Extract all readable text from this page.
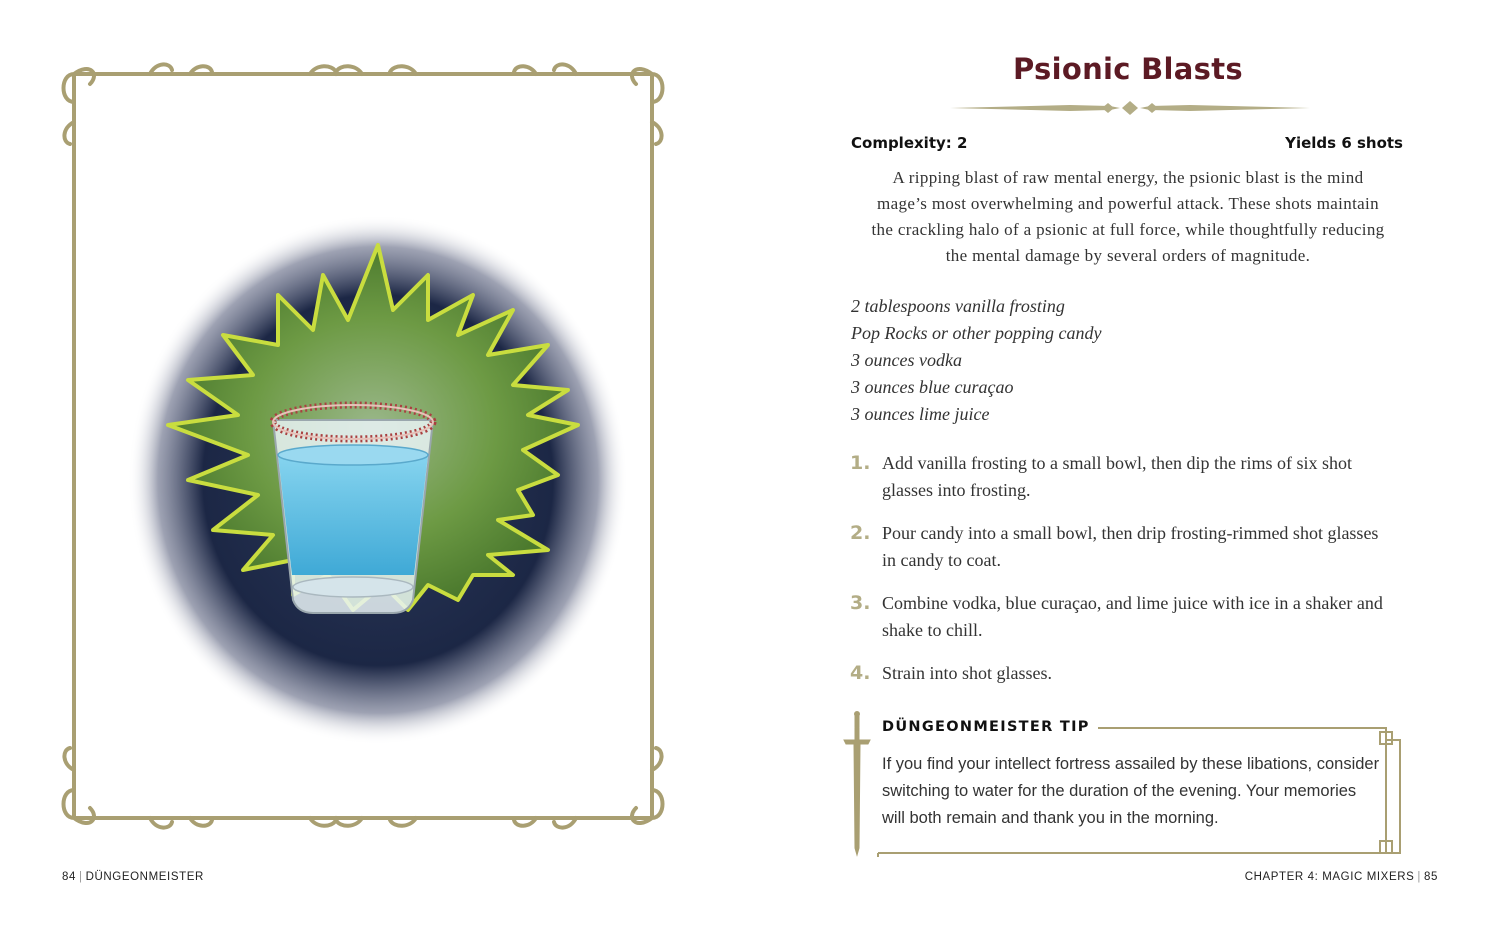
84 | DÜNGEONMEISTER
Psionic Blasts
Complexity: 2	Yields 6 shots
A ripping blast of raw mental energy, the psionic blast is the mind
mage’s most overwhelming and powerful attack. These shots maintain
the crackling halo of a psionic at full force, while thoughtfully reducing
the mental damage by several orders of magnitude.
2 tablespoons vanilla frosting
Pop Rocks or other popping candy
3 ounces vodka
3 ounces blue curaçao
3 ounces lime juice
1. Add vanilla frosting to a small bowl, then dip the rims of six shot
glasses into frosting.
2. Pour candy into a small bowl, then drip frosting-rimmed shot glasses
in candy to coat.
3. Combine vodka, blue curaçao, and lime juice with ice in a shaker and
shake to chill.
4. Strain into shot glasses.
DÜNGEONMEISTER TIP
If you find your intellect fortress assailed by these libations, consider
switching to water for the duration of the evening. Your memories
will both remain and thank you in the morning.
CHAPTER 4: MAGIC MIXERS | 85
